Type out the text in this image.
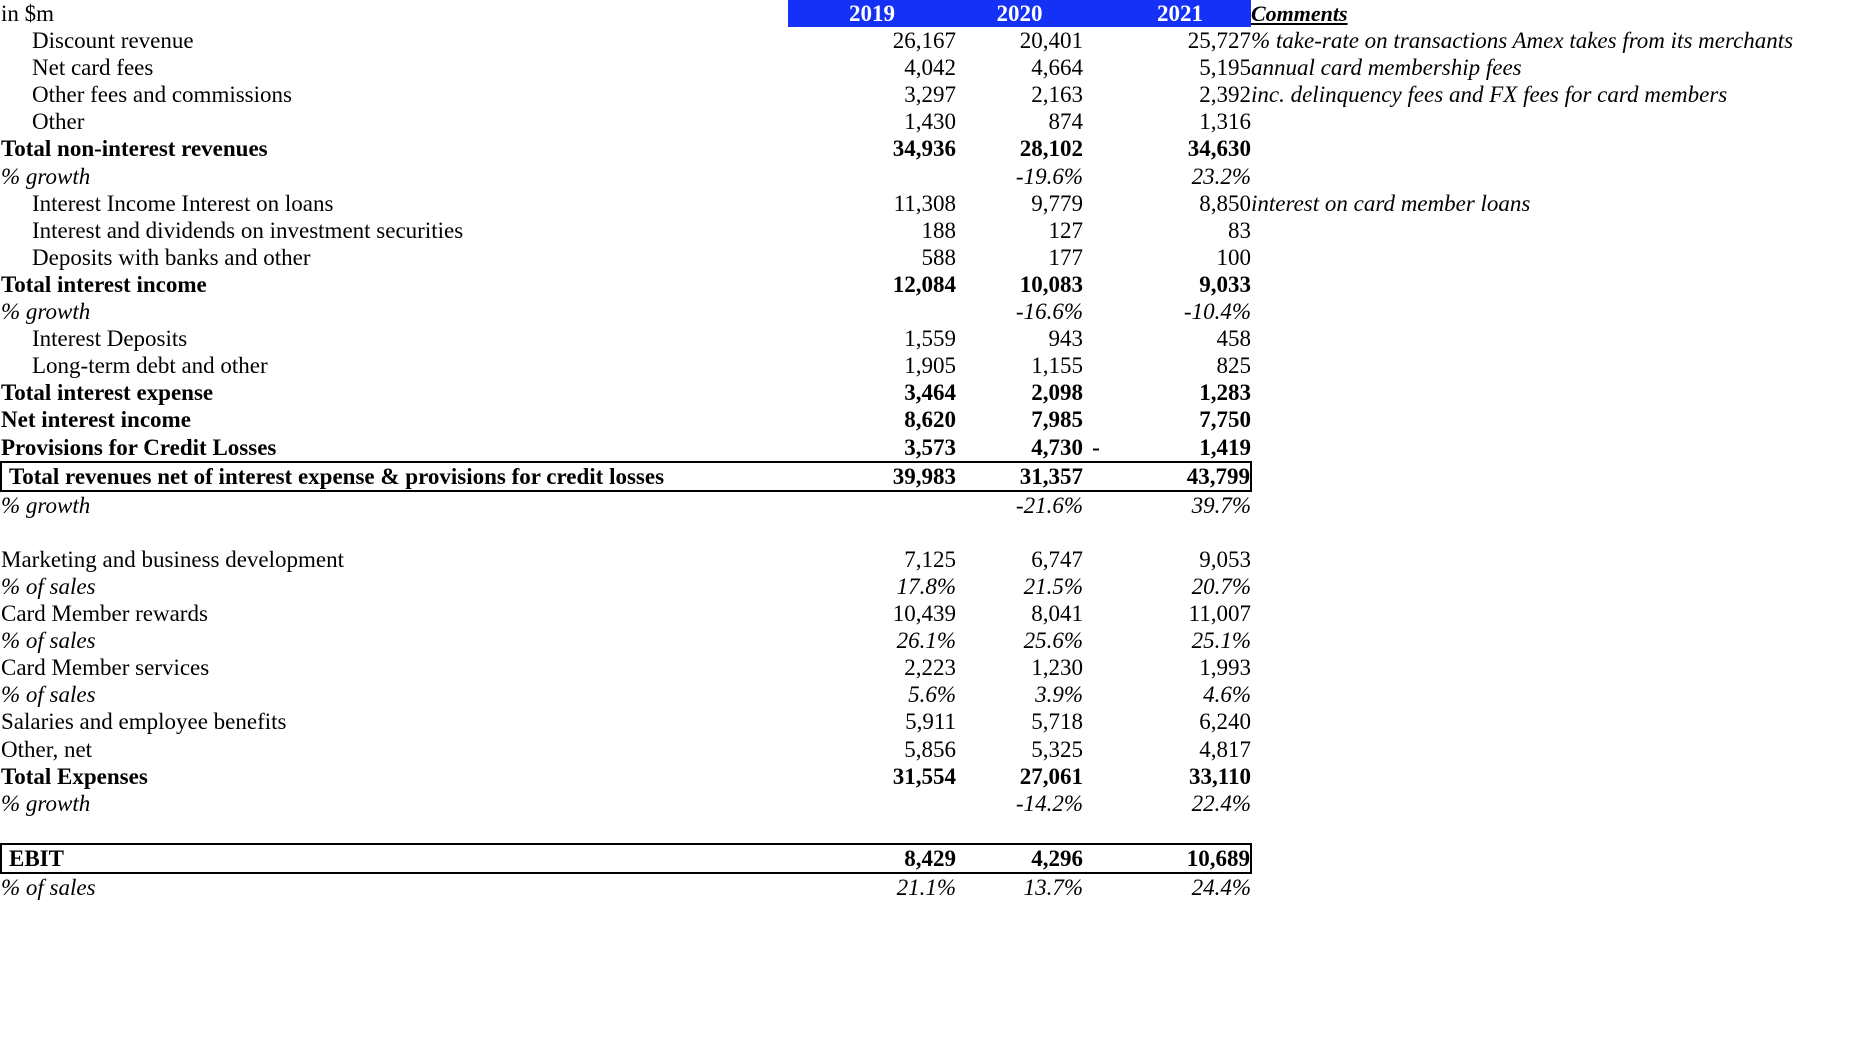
in $m	2019	2020		2021	Comments
Discount revenue	26,167	20,401		25,727	% take-rate on transactions Amex takes from its merchants
Net card fees	4,042	4,664		5,195	annual card membership fees
Other fees and commissions	3,297	2,163		2,392	inc. delinquency fees and FX fees for card members
Other	1,430	874		1,316	
Total non-interest revenues	34,936	28,102		34,630	
% growth		-19.6%		23.2%	
Interest Income Interest on loans	11,308	9,779		8,850	interest on card member loans
Interest and dividends on investment securities	188	127		83	
Deposits with banks and other	588	177		100	
Total interest income	12,084	10,083		9,033	
% growth		-16.6%		-10.4%	
Interest Deposits	1,559	943		458	
Long-term debt and other	1,905	1,155		825	
Total interest expense	3,464	2,098		1,283	
Net interest income	8,620	7,985		7,750	
Provisions for Credit Losses	3,573	4,730	-	1,419	
Total revenues net of interest expense & provisions for credit losses	39,983	31,357		43,799	
% growth		-21.6%		39.7%	

Marketing and business development	7,125	6,747		9,053	
% of sales	17.8%	21.5%		20.7%	
Card Member rewards	10,439	8,041		11,007	
% of sales	26.1%	25.6%		25.1%	
Card Member services	2,223	1,230		1,993	
% of sales	5.6%	3.9%		4.6%	
Salaries and employee benefits	5,911	5,718		6,240	
Other, net	5,856	5,325		4,817	
Total Expenses	31,554	27,061		33,110	
% growth		-14.2%		22.4%	

EBIT	8,429	4,296		10,689	
% of sales	21.1%	13.7%		24.4%	
